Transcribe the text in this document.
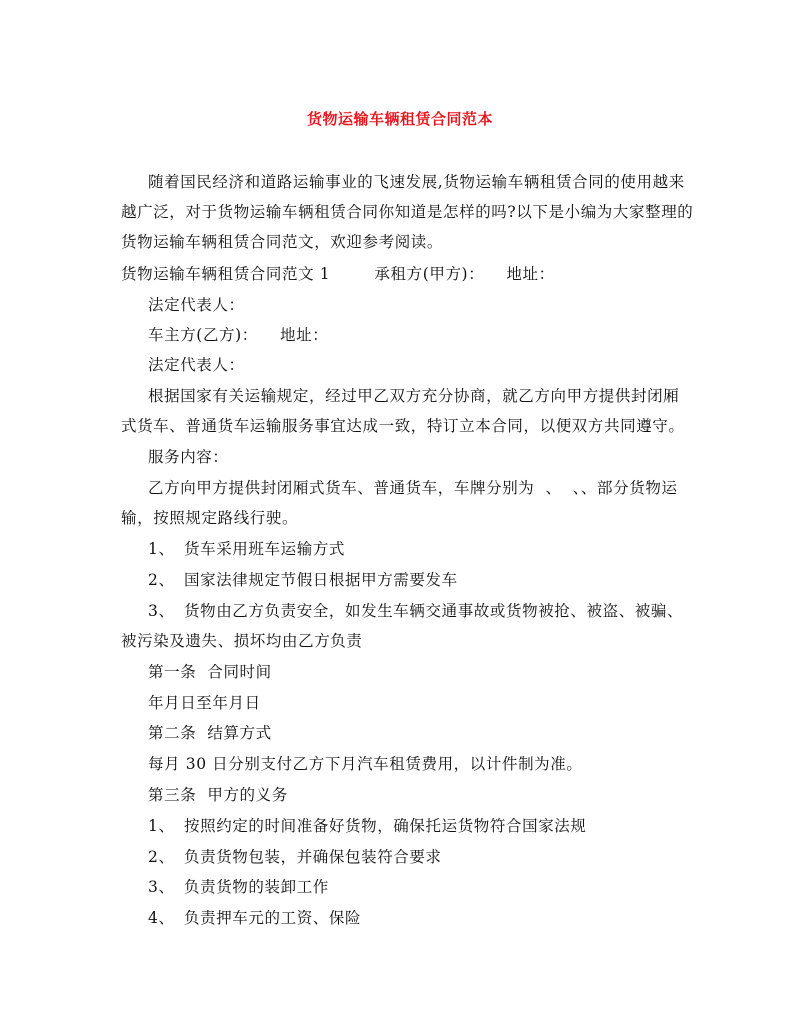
货物运输车辆租赁合同范本
随着国民经济和道路运输事业的飞速发展,货物运输车辆租赁合同的使用越来
越广泛，对于货物运输车辆租赁合同你知道是怎样的吗?以下是小编为大家整理的
货物运输车辆租赁合同范文，欢迎参考阅读。
货物运输车辆租赁合同范文 1        承租方(甲方)：    地址：
法定代表人：
车主方(乙方)：    地址：
法定代表人：
根据国家有关运输规定，经过甲乙双方充分协商，就乙方向甲方提供封闭厢
式货车、普通货车运输服务事宜达成一致，特订立本合同，以便双方共同遵守。
服务内容：
乙方向甲方提供封闭厢式货车、普通货车，车牌分别为  、  、、部分货物运
输，按照规定路线行驶。
1、 货车采用班车运输方式
2、 国家法律规定节假日根据甲方需要发车
3、 货物由乙方负责安全，如发生车辆交通事故或货物被抢、被盗、被骗、
被污染及遗失、损坏均由乙方负责
第一条  合同时间
年月日至年月日
第二条  结算方式
每月 30 日分别支付乙方下月汽车租赁费用，以计件制为准。
第三条  甲方的义务
1、 按照约定的时间准备好货物，确保托运货物符合国家法规
2、 负责货物包装，并确保包装符合要求
3、 负责货物的装卸工作
4、 负责押车元的工资、保险
